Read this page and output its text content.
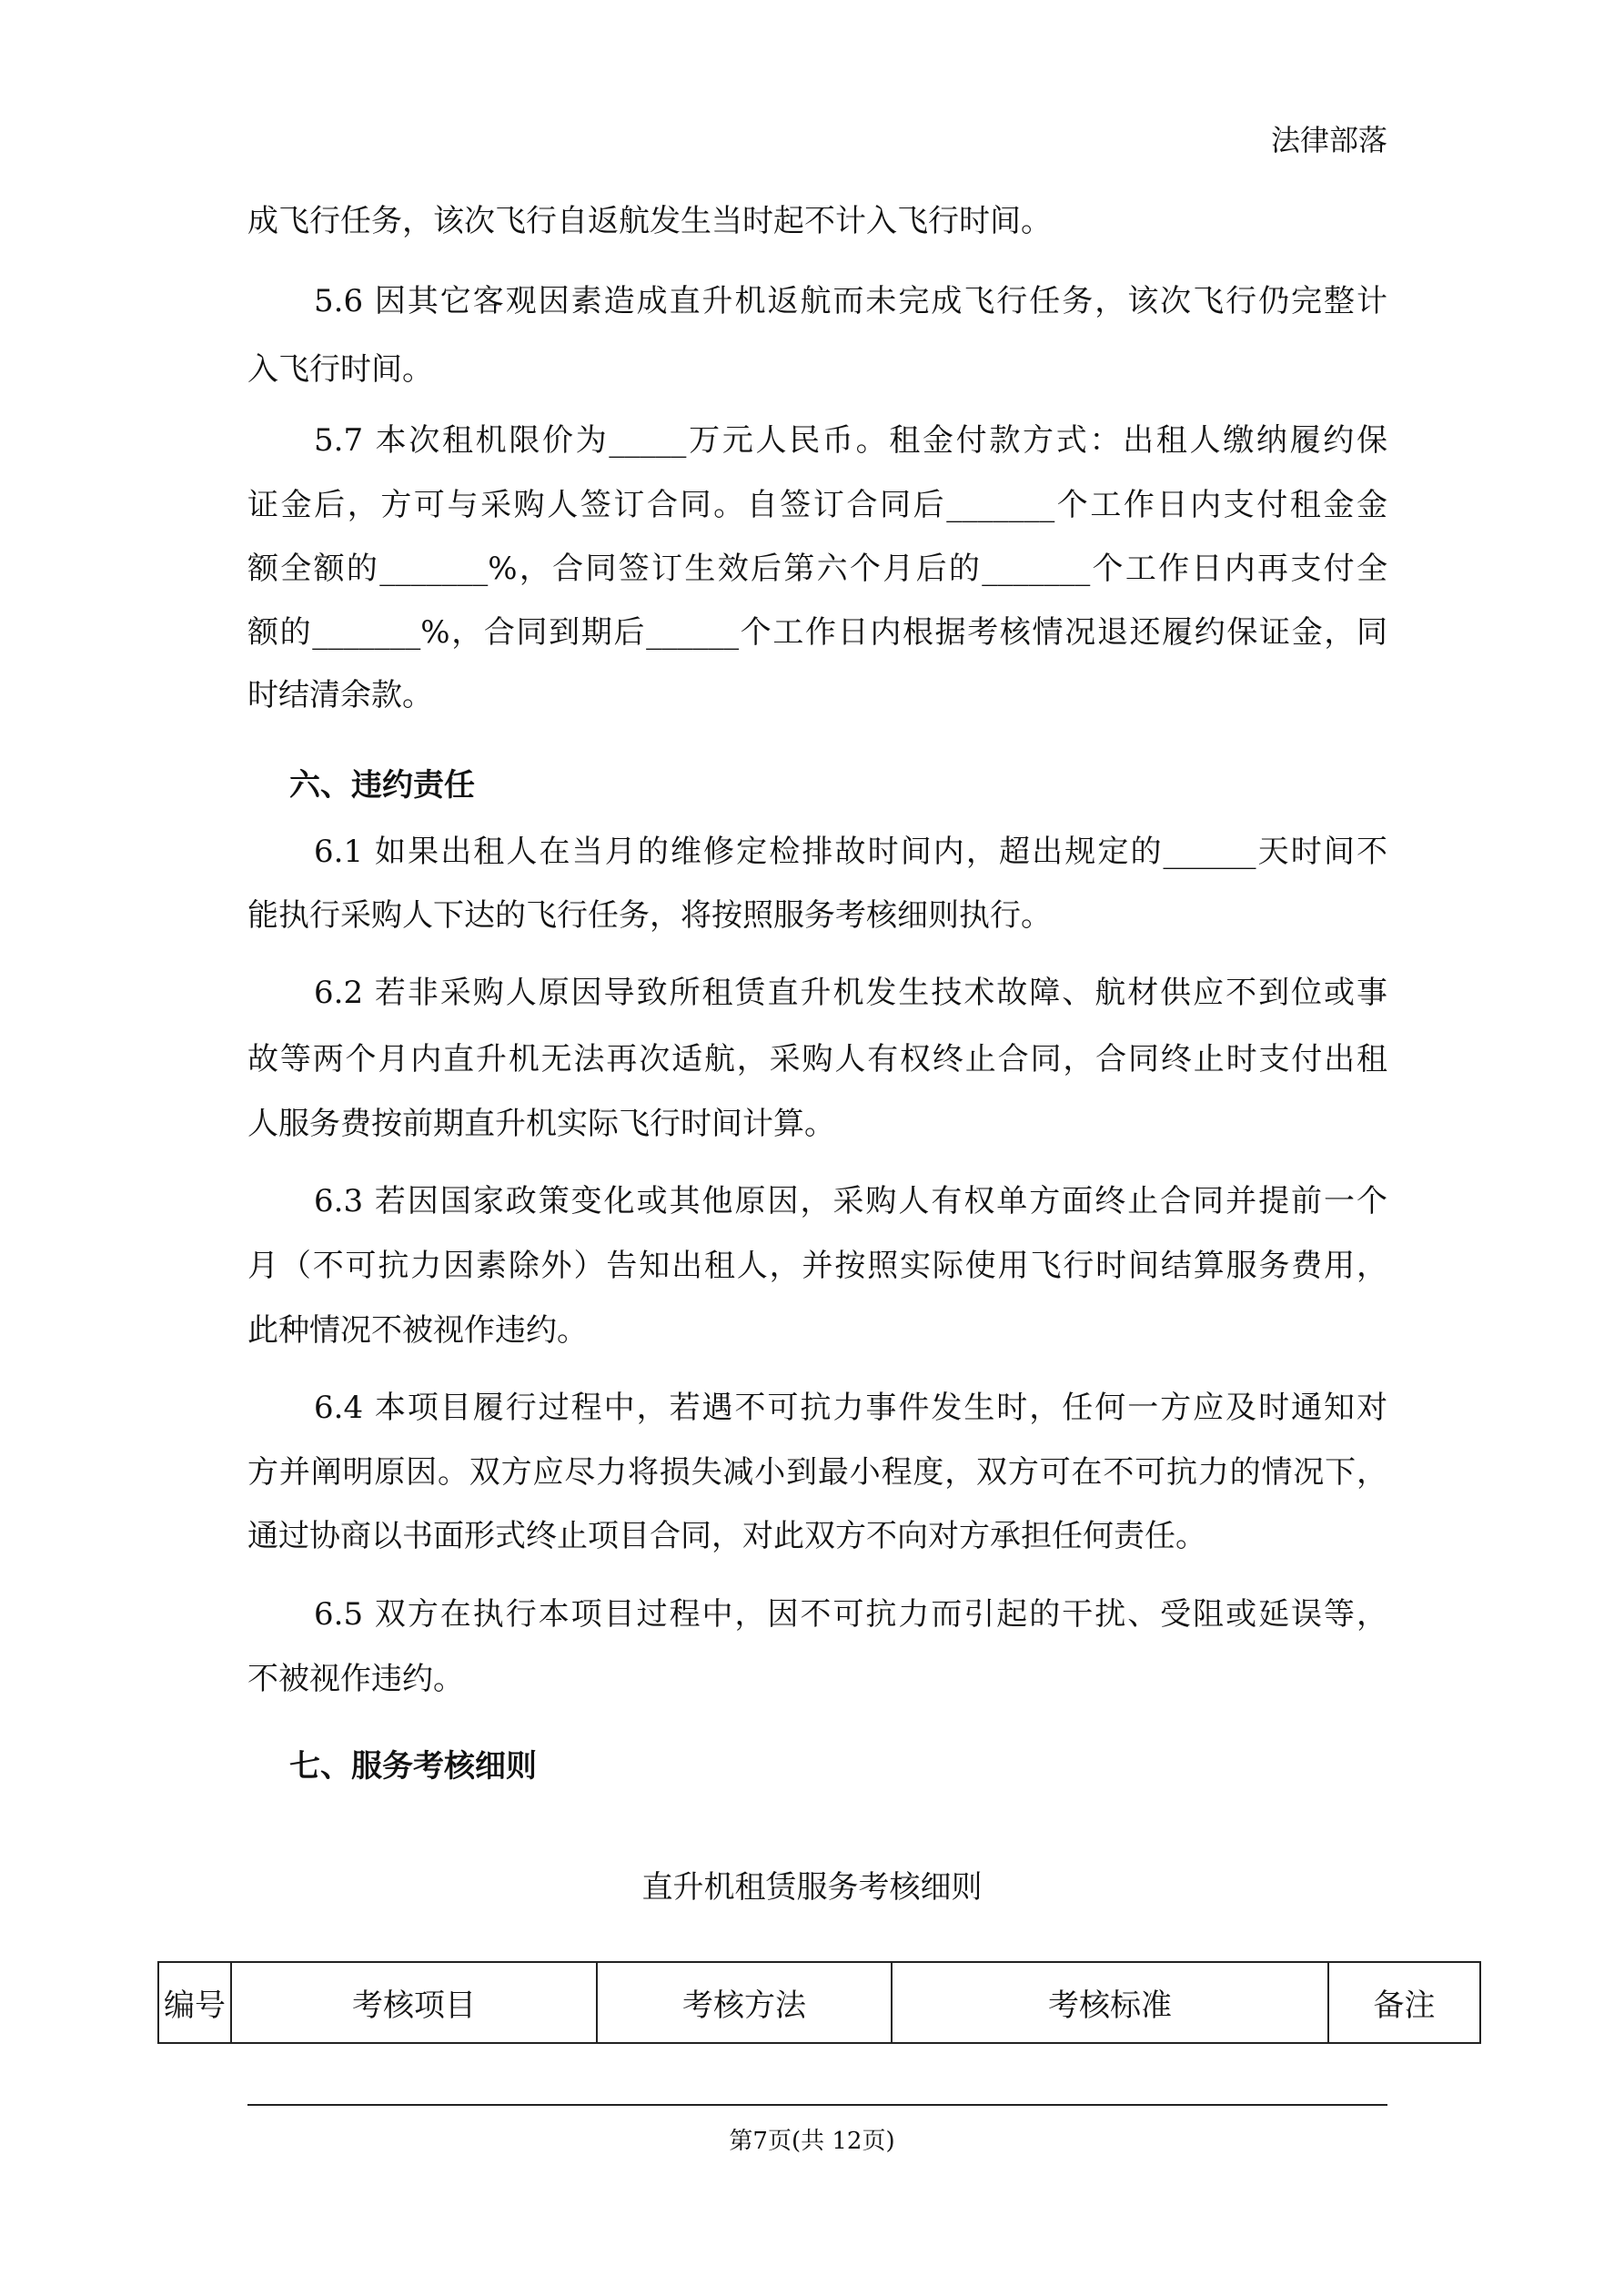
法律部落
成飞行任务，该次飞行自返航发生当时起不计入飞行时间。
5.6 因其它客观因素造成直升机返航而未完成飞行任务，该次飞行仍完整计
入飞行时间。
5.7 本次租机限价为_____万元人民币。租金付款方式：出租人缴纳履约保
证金后，方可与采购人签订合同。自签订合同后_______个工作日内支付租金金
额全额的_______%，合同签订生效后第六个月后的_______个工作日内再支付全
额的_______%，合同到期后______个工作日内根据考核情况退还履约保证金，同
时结清余款。
六、违约责任
6.1 如果出租人在当月的维修定检排故时间内，超出规定的______天时间不
能执行采购人下达的飞行任务，将按照服务考核细则执行。
6.2 若非采购人原因导致所租赁直升机发生技术故障、航材供应不到位或事
故等两个月内直升机无法再次适航，采购人有权终止合同，合同终止时支付出租
人服务费按前期直升机实际飞行时间计算。
6.3 若因国家政策变化或其他原因，采购人有权单方面终止合同并提前一个
月（不可抗力因素除外）告知出租人，并按照实际使用飞行时间结算服务费用，
此种情况不被视作违约。
6.4 本项目履行过程中，若遇不可抗力事件发生时，任何一方应及时通知对
方并阐明原因。双方应尽力将损失减小到最小程度，双方可在不可抗力的情况下，
通过协商以书面形式终止项目合同，对此双方不向对方承担任何责任。
6.5 双方在执行本项目过程中，因不可抗力而引起的干扰、受阻或延误等，
不被视作违约。
七、服务考核细则
直升机租赁服务考核细则
编号	考核项目	考核方法	考核标准	备注
第7页(共 12页)
